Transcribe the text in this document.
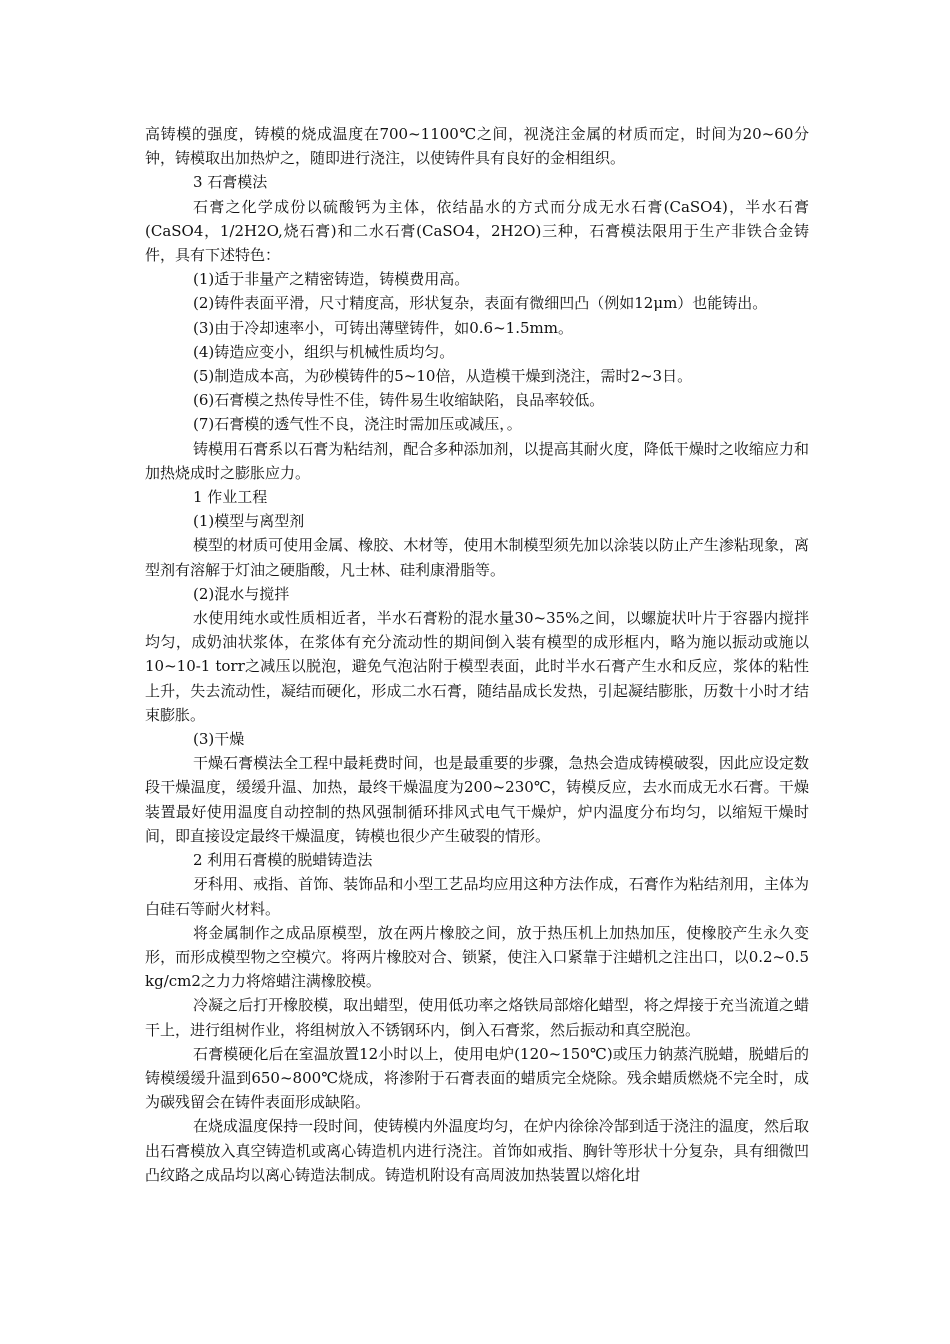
高铸模的强度，铸模的烧成温度在700~1100℃之间，视浇注金属的材质而定，时间为20~60分钟，铸模取出加热炉之，随即进行浇注，以使铸件具有良好的金相组织。

3 石膏模法

石膏之化学成份以硫酸钙为主体，依结晶水的方式而分成无水石膏(CaSO4)，半水石膏(CaSO4，1/2H2O,烧石膏)和二水石膏(CaSO4，2H2O)三种，石膏模法限用于生产非铁合金铸件，具有下述特色：

(1)适于非量产之精密铸造，铸模费用高。

(2)铸件表面平滑，尺寸精度高，形状复杂，表面有微细凹凸（例如12μm）也能铸出。

(3)由于冷却速率小，可铸出薄壁铸件，如0.6~1.5mm。

(4)铸造应变小，组织与机械性质均匀。

(5)制造成本高，为砂模铸件的5~10倍，从造模干燥到浇注，需时2~3日。

(6)石膏模之热传导性不佳，铸件易生收缩缺陷，良品率较低。

(7)石膏模的透气性不良，浇注时需加压或减压，。

铸模用石膏系以石膏为粘结剂，配合多种添加剂，以提高其耐火度，降低干燥时之收缩应力和加热烧成时之膨胀应力。

1 作业工程

(1)模型与离型剂

模型的材质可使用金属、橡胶、木材等，使用木制模型须先加以涂装以防止产生渗粘现象，离型剂有溶解于灯油之硬脂酸，凡士林、硅利康滑脂等。

(2)混水与搅拌

水使用纯水或性质相近者，半水石膏粉的混水量30~35%之间，以螺旋状叶片于容器内搅拌均匀，成奶油状浆体，在浆体有充分流动性的期间倒入装有模型的成形框内，略为施以振动或施以10~10-1 torr之减压以脱泡，避免气泡沾附于模型表面，此时半水石膏产生水和反应，浆体的粘性上升，失去流动性，凝结而硬化，形成二水石膏，随结晶成长发热，引起凝结膨胀，历数十小时才结束膨胀。

(3)干燥

干燥石膏模法全工程中最耗费时间，也是最重要的步骤，急热会造成铸模破裂，因此应设定数段干燥温度，缓缓升温、加热，最终干燥温度为200~230℃，铸模反应，去水而成无水石膏。干燥装置最好使用温度自动控制的热风强制循环排风式电气干燥炉，炉内温度分布均匀，以缩短干燥时间，即直接设定最终干燥温度，铸模也很少产生破裂的情形。

2 利用石膏模的脱蜡铸造法

牙科用、戒指、首饰、装饰品和小型工艺品均应用这种方法作成，石膏作为粘结剂用，主体为白硅石等耐火材料。

将金属制作之成品原模型，放在两片橡胶之间，放于热压机上加热加压，使橡胶产生永久变形，而形成模型物之空模穴。将两片橡胶对合、锁紧，使注入口紧靠于注蜡机之注出口，以0.2~0.5 kg/cm2之力力将熔蜡注满橡胶模。

冷凝之后打开橡胶模，取出蜡型，使用低功率之烙铁局部熔化蜡型，将之焊接于充当流道之蜡干上，进行组树作业，将组树放入不锈钢环内，倒入石膏浆，然后振动和真空脱泡。

石膏模硬化后在室温放置12小时以上，使用电炉(120~150℃)或压力钠蒸汽脱蜡，脱蜡后的铸模缓缓升温到650~800℃烧成，将渗附于石膏表面的蜡质完全烧除。残余蜡质燃烧不完全时，成为碳残留会在铸件表面形成缺陷。

在烧成温度保持一段时间，使铸模内外温度均匀，在炉内徐徐冷郜到适于浇注的温度，然后取出石膏模放入真空铸造机或离心铸造机内进行浇注。首饰如戒指、胸针等形状十分复杂，具有细微凹凸纹路之成品均以离心铸造法制成。铸造机附设有高周波加热装置以熔化坩
